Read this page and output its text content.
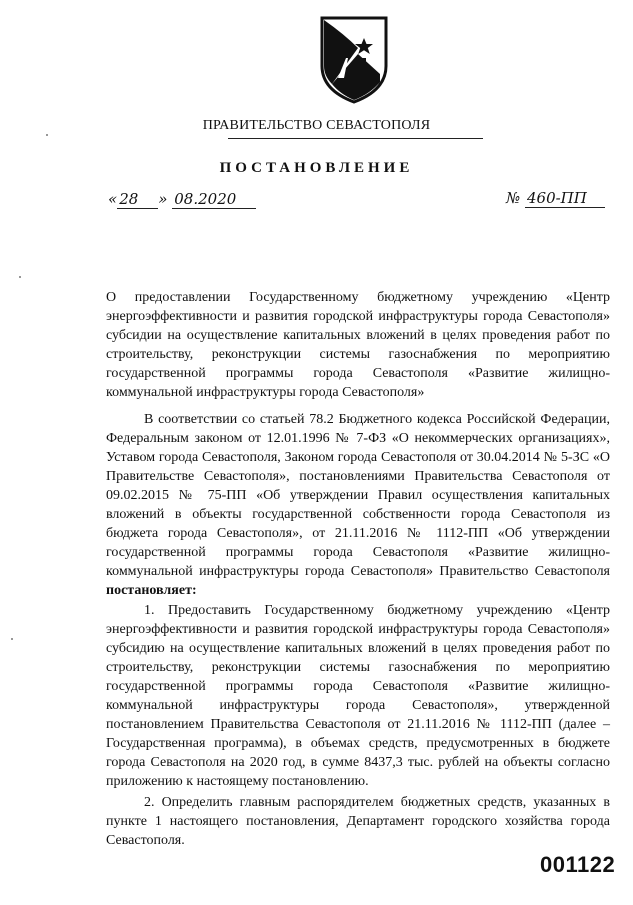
ПРАВИТЕЛЬСТВО СЕВАСТОПОЛЯ
ПОСТАНОВЛЕНИЕ
« 28 » 08.2020	№ 460-ПП

О предоставлении Государственному бюджетному учреждению «Центр энергоэффективности и развития городской инфраструктуры города Севастополя» субсидии на осуществление капитальных вложений в целях проведения работ по строительству, реконструкции системы газоснабжения по мероприятию государственной программы города Севастополя «Развитие жилищно-коммунальной инфраструктуры города Севастополя»

В соответствии со статьей 78.2 Бюджетного кодекса Российской Федерации, Федеральным законом от 12.01.1996 № 7-ФЗ «О некоммерческих организациях», Уставом города Севастополя, Законом города Севастополя от 30.04.2014 № 5-ЗС «О Правительстве Севастополя», постановлениями Правительства Севастополя от 09.02.2015 № 75-ПП «Об утверждении Правил осуществления капитальных вложений в объекты государственной собственности города Севастополя из бюджета города Севастополя», от 21.11.2016 № 1112-ПП «Об утверждении государственной программы города Севастополя «Развитие жилищно-коммунальной инфраструктуры города Севастополя» Правительство Севастополя постановляет:

1. Предоставить Государственному бюджетному учреждению «Центр энергоэффективности и развития городской инфраструктуры города Севастополя» субсидию на осуществление капитальных вложений в целях проведения работ по строительству, реконструкции системы газоснабжения по мероприятию государственной программы города Севастополя «Развитие жилищно-коммунальной инфраструктуры города Севастополя», утвержденной постановлением Правительства Севастополя от 21.11.2016 № 1112-ПП (далее – Государственная программа), в объемах средств, предусмотренных в бюджете города Севастополя на 2020 год, в сумме 8437,3 тыс. рублей на объекты согласно приложению к настоящему постановлению.

2. Определить главным распорядителем бюджетных средств, указанных в пункте 1 настоящего постановления, Департамент городского хозяйства города Севастополя.

001122
